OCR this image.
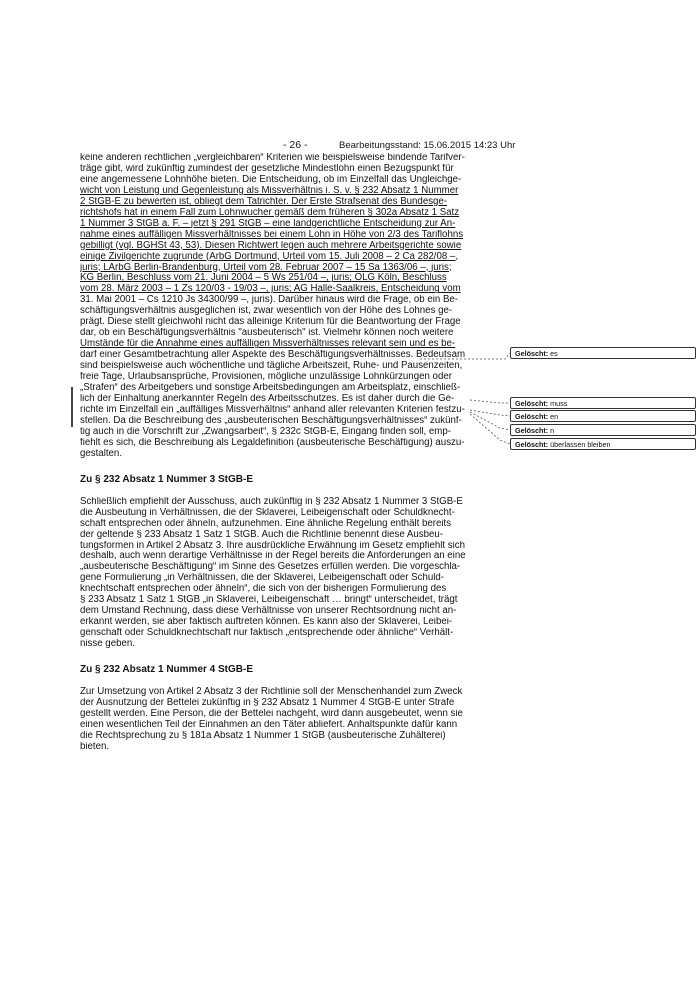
- 26 -	Bearbeitungsstand: 15.06.2015 14:23 Uhr
keine anderen rechtlichen „vergleichbaren“ Kriterien wie beispielsweise bindende Tarifver-
träge gibt, wird zukünftig zumindest der gesetzliche Mindestlohn einen Bezugspunkt für
eine angemessene Lohnhöhe bieten. Die Entscheidung, ob im Einzelfall das Ungleichge-
wicht von Leistung und Gegenleistung als Missverhältnis i. S. v. § 232 Absatz 1 Nummer
2 StGB-E zu bewerten ist, obliegt dem Tatrichter. Der Erste Strafsenat des Bundesge-
richtshofs hat in einem Fall zum Lohnwucher gemäß dem früheren § 302a Absatz 1 Satz
1 Nummer 3 StGB a. F. – jetzt § 291 StGB – eine landgerichtliche Entscheidung zur An-
nahme eines auffälligen Missverhältnisses bei einem Lohn in Höhe von 2/3 des Tariflohns
gebilligt (vgl. BGHSt 43, 53). Diesen Richtwert legen auch mehrere Arbeitsgerichte sowie
einige Zivilgerichte zugrunde (ArbG Dortmund, Urteil vom 15. Juli 2008 – 2 Ca 282/08 –,
juris; LArbG Berlin-Brandenburg, Urteil vom 28. Februar 2007 – 15 Sa 1363/06 –, juris;
KG Berlin, Beschluss vom 21. Juni 2004 – 5 Ws 251/04 –, juris; OLG Köln, Beschluss
vom 28. März 2003 – 1 Zs 120/03 - 19/03 –, juris; AG Halle-Saalkreis, Entscheidung vom
31. Mai 2001 – Cs 1210 Js 34300/99 –, juris). Darüber hinaus wird die Frage, ob ein Be-
schäftigungsverhältnis ausgeglichen ist, zwar wesentlich von der Höhe des Lohnes ge-
prägt. Diese stellt gleichwohl nicht das alleinige Kriterium für die Beantwortung der Frage
dar, ob ein Beschäftigungsverhältnis "ausbeuterisch" ist. Vielmehr können noch weitere
Umstände für die Annahme eines auffälligen Missverhältnisses relevant sein und es be-
darf einer Gesamtbetrachtung aller Aspekte des Beschäftigungsverhältnisses. Bedeutsam
sind beispielsweise auch wöchentliche und tägliche Arbeitszeit, Ruhe- und Pausenzeiten,
freie Tage, Urlaubsansprüche, Provisionen, mögliche unzulässige Lohnkürzungen oder
„Strafen“ des Arbeitgebers und sonstige Arbeitsbedingungen am Arbeitsplatz, einschließ-
lich der Einhaltung anerkannter Regeln des Arbeitsschutzes. Es ist daher durch die Ge-
richte im Einzelfall ein „auffälliges Missverhältnis“ anhand aller relevanten Kriterien festzu-
stellen. Da die Beschreibung des „ausbeuterischen Beschäftigungsverhältnisses“ zukünf-
tig auch in die Vorschrift zur „Zwangsarbeit“, § 232c StGB-E, Eingang finden soll, emp-
fiehlt es sich, die Beschreibung als Legaldefinition (ausbeuterische Beschäftigung) auszu-
gestalten.
Zu § 232 Absatz 1 Nummer 3 StGB-E
Schließlich empfiehlt der Ausschuss, auch zukünftig in § 232 Absatz 1 Nummer 3 StGB-E
die Ausbeutung in Verhältnissen, die der Sklaverei, Leibeigenschaft oder Schuldknecht-
schaft entsprechen oder ähneln, aufzunehmen. Eine ähnliche Regelung enthält bereits
der geltende § 233 Absatz 1 Satz 1 StGB. Auch die Richtlinie benennt diese Ausbeu-
tungsformen in Artikel 2 Absatz 3. Ihre ausdrückliche Erwähnung im Gesetz empfiehlt sich
deshalb, auch wenn derartige Verhältnisse in der Regel bereits die Anforderungen an eine
„ausbeuterische Beschäftigung“ im Sinne des Gesetzes erfüllen werden. Die vorgeschla-
gene Formulierung „in Verhältnissen, die der Sklaverei, Leibeigenschaft oder Schuld-
knechtschaft entsprechen oder ähneln“, die sich von der bisherigen Formulierung des
§ 233 Absatz 1 Satz 1 StGB „in Sklaverei, Leibeigenschaft … bringt“ unterscheidet, trägt
dem Umstand Rechnung, dass diese Verhältnisse von unserer Rechtsordnung nicht an-
erkannt werden, sie aber faktisch auftreten können. Es kann also der Sklaverei, Leibei-
genschaft oder Schuldknechtschaft nur faktisch „entsprechende oder ähnliche“ Verhält-
nisse geben.
Zu § 232 Absatz 1 Nummer 4 StGB-E
Zur Umsetzung von Artikel 2 Absatz 3 der Richtlinie soll der Menschenhandel zum Zweck
der Ausnutzung der Bettelei zukünftig in § 232 Absatz 1 Nummer 4 StGB-E unter Strafe
gestellt werden. Eine Person, die der Bettelei nachgeht, wird dann ausgebeutet, wenn sie
einen wesentlichen Teil der Einnahmen an den Täter abliefert. Anhaltspunkte dafür kann
die Rechtsprechung zu § 181a Absatz 1 Nummer 1 StGB (ausbeuterische Zuhälterei)
bieten.
Gelöscht: es
Gelöscht: muss
Gelöscht: en
Gelöscht: n
Gelöscht: überlassen bleiben
